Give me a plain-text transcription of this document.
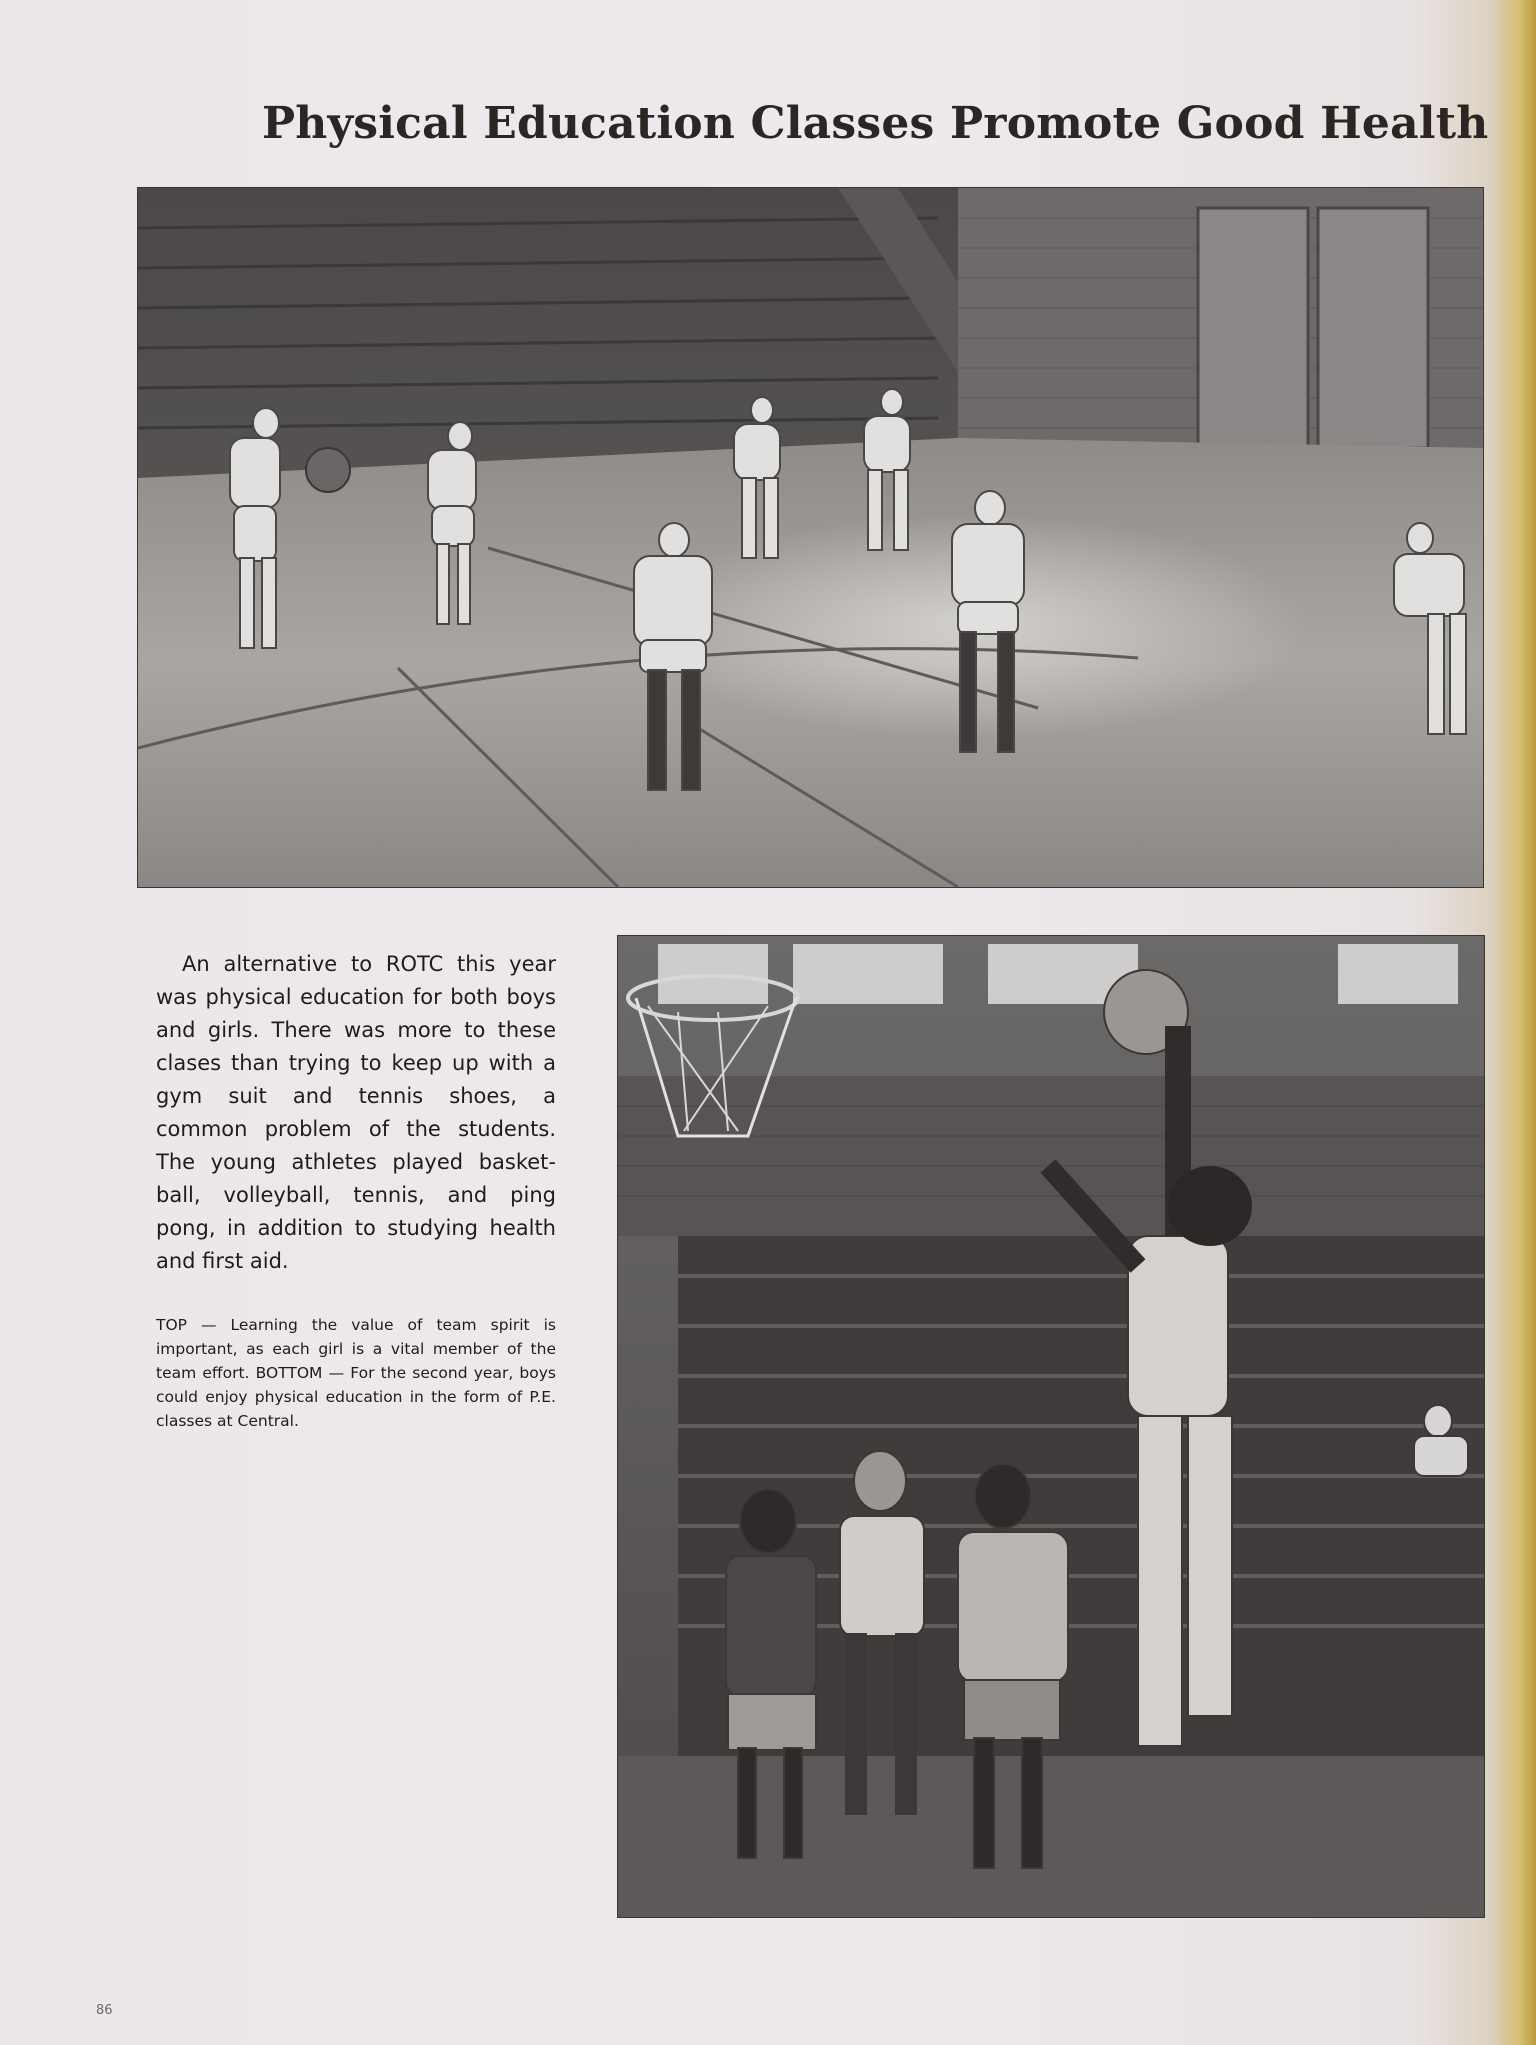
Physical Education Classes Promote Good Health

An alternative to ROTC this year was physical education for both boys and girls. There was more to these clases than trying to keep up with a gym suit and tennis shoes, a common problem of the students. The young athletes played basket-ball, volleyball, tennis, and ping pong, in addition to studying health and first aid.

TOP — Learning the value of team spirit is important, as each girl is a vital member of the team effort. BOTTOM — For the second year, boys could enjoy physical education in the form of P.E. classes at Central.

86
